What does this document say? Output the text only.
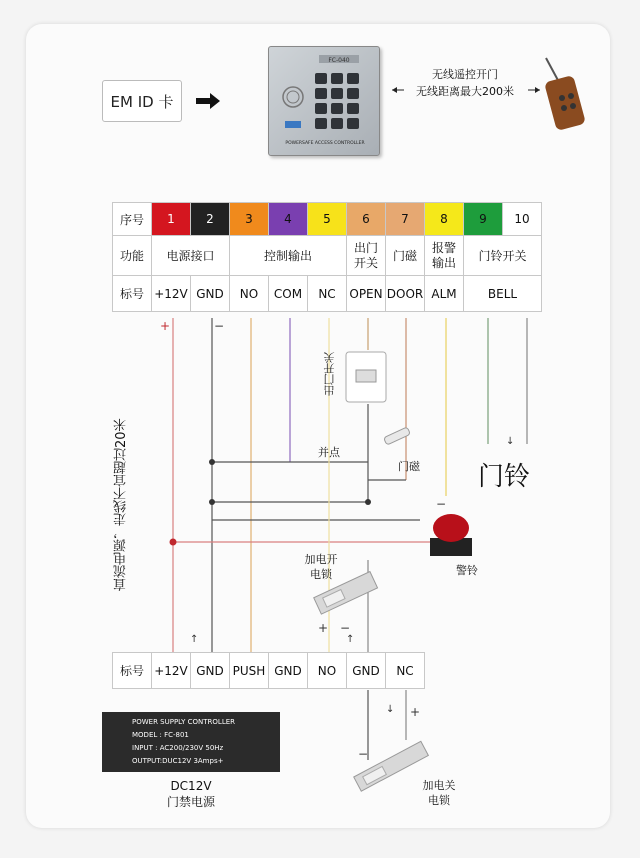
EM ID 卡
FC-040
POWERSAFE ACCESS CONTROLLER
无线遥控开门
无线距离最大200米
序号	1	2	3	4	5	6	7	8	9	10
功能	电源接口		控制输出			出门开关	门磁	报警输出	门铃开关	
标号	+12V	GND	NO	COM	NC	OPEN	DOOR	ALM	BELL	
+	−
↑	↑
↓
↓ +
−
+ −
−
直流电源，走线不宜超过20米
出门开关
并点
门磁 门铃
警铃
加电开
电锁
加电关
电锁
标号	+12V	GND	PUSH	GND	NO	GND	NC
POWER SUPPLY CONTROLLER
MODEL : FC-801
INPUT : AC200/230V 50Hz
OUTPUT:DUC12V 3Amps+
DC12V
门禁电源
